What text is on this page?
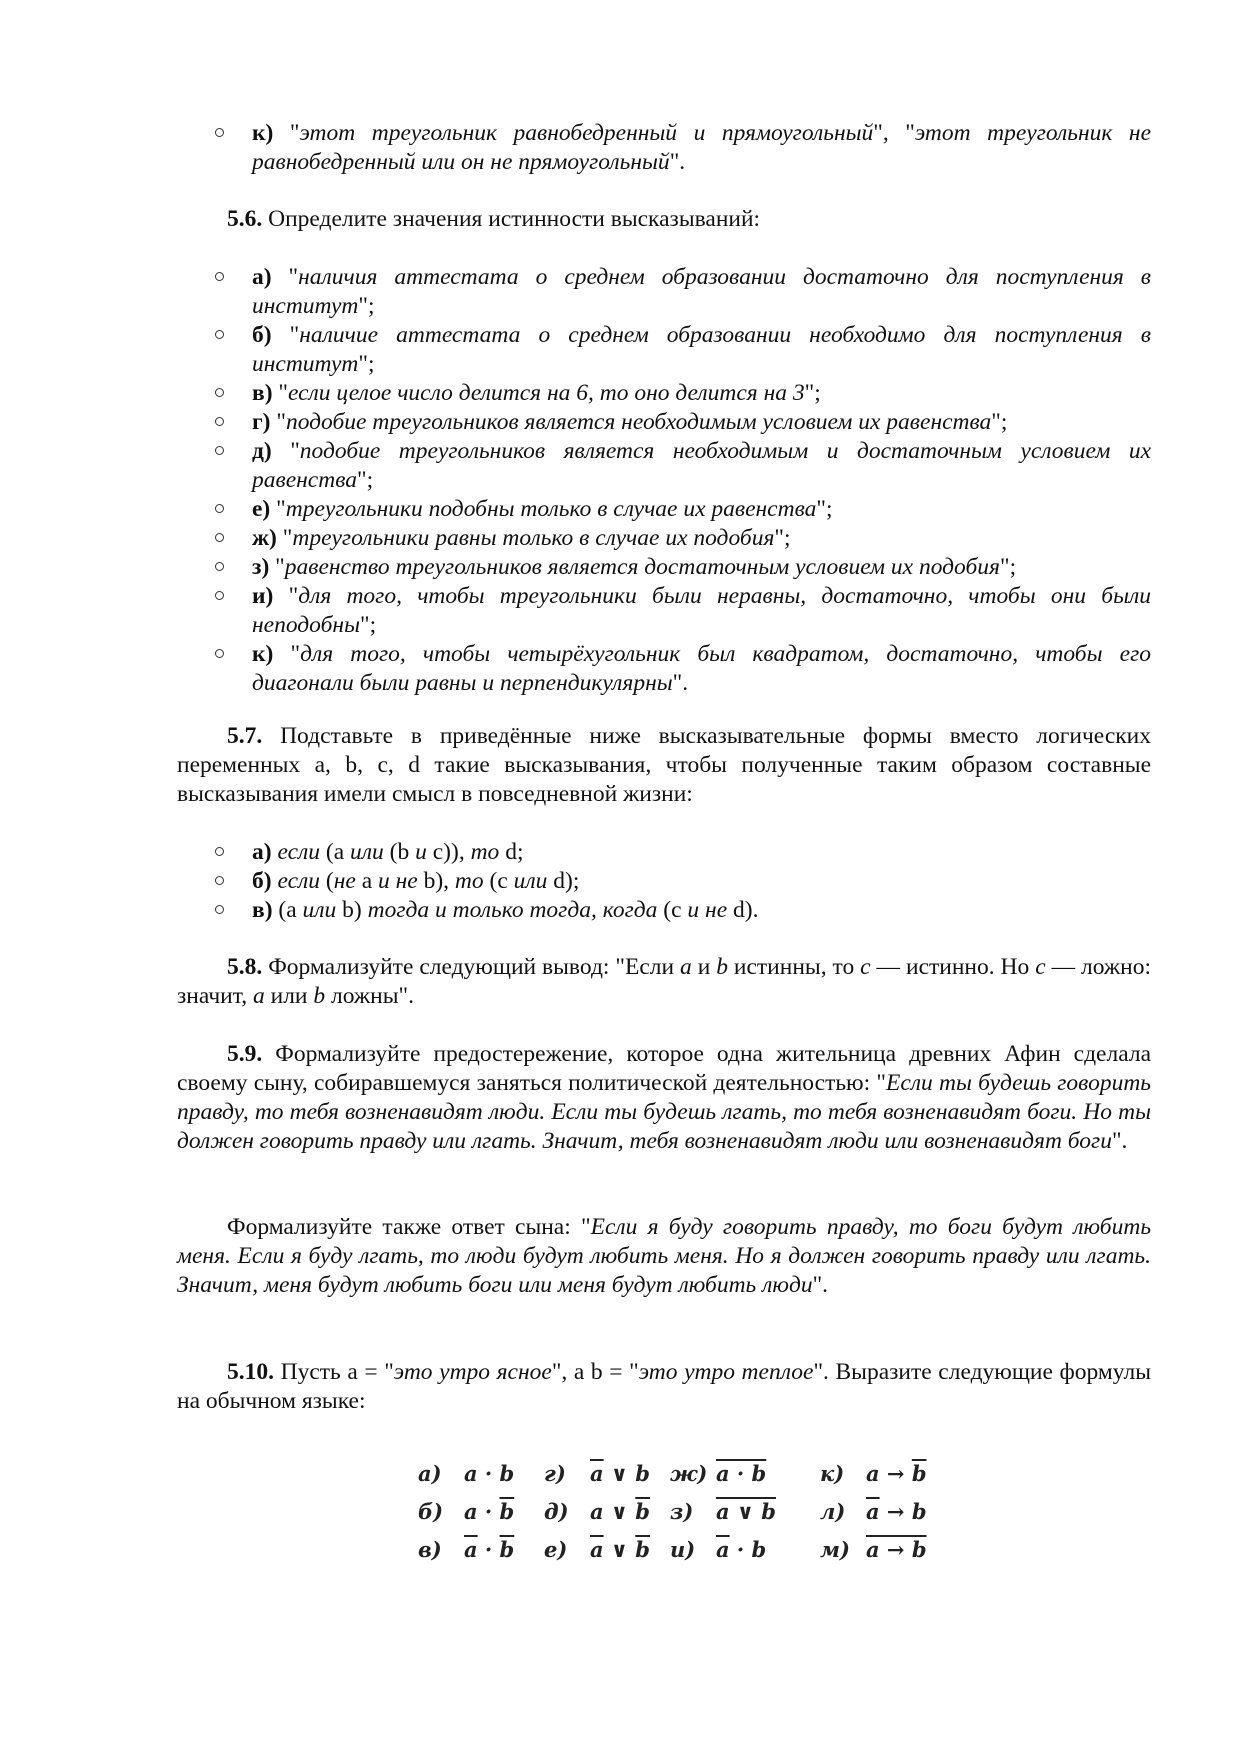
к) "этот треугольник равнобедренный и прямоугольный", "этот треугольник не равнобедренный или он не прямоугольный".

5.6. Определите значения истинности высказываний:

а) "наличия аттестата о среднем образовании достаточно для поступления в институт";
б) "наличие аттестата о среднем образовании необходимо для поступления в институт";
в) "если целое число делится на 6, то оно делится на 3";
г) "подобие треугольников является необходимым условием их равенства";
д) "подобие треугольников является необходимым и достаточным условием их равенства";
е) "треугольники подобны только в случае их равенства";
ж) "треугольники равны только в случае их подобия";
з) "равенство треугольников является достаточным условием их подобия";
и) "для того, чтобы треугольники были неравны, достаточно, чтобы они были неподобны";
к) "для того, чтобы четырёхугольник был квадратом, достаточно, чтобы его диагонали были равны и перпендикулярны".

5.7. Подставьте в приведённые ниже высказывательные формы вместо логических переменных a, b, c, d такие высказывания, чтобы полученные таким образом составные высказывания имели смысл в повседневной жизни:

а) если (a или (b и c)), то d;
б) если (не a и не b), то (c или d);
в) (a или b) тогда и только тогда, когда (c и не d).

5.8. Формализуйте следующий вывод: "Если a и b истинны, то c — истинно. Но c — ложно: значит, a или b ложны".

5.9. Формализуйте предостережение, которое одна жительница древних Афин сделала своему сыну, собиравшемуся заняться политической деятельностью: "Если ты будешь говорить правду, то тебя возненавидят люди. Если ты будешь лгать, то тебя возненавидят боги. Но ты должен говорить правду или лгать. Значит, тебя возненавидят люди или возненавидят боги".

Формализуйте также ответ сына: "Если я буду говорить правду, то боги будут любить меня. Если я буду лгать, то люди будут любить меня. Но я должен говорить правду или лгать. Значит, меня будут любить боги или меня будут любить люди".

5.10. Пусть a = "это утро ясное", a b = "это утро теплое". Выразите следующие формулы на обычном языке:

а)	a · b	г)	$\overline{a}$ ∨ b	ж)	a · b	к)	$a \to \overline{b}$
б)	$a \cdot \overline{b}$	д)	a ∨ $\overline{b}$	з)	a ∨ b	л)	$\overline{a} \to b$
в)	$\overline{a} \cdot \overline{b}$	е)	$\overline{a}$ ∨ $\overline{b}$	и)	$\overline{a} \cdot b$	м)	a → b
